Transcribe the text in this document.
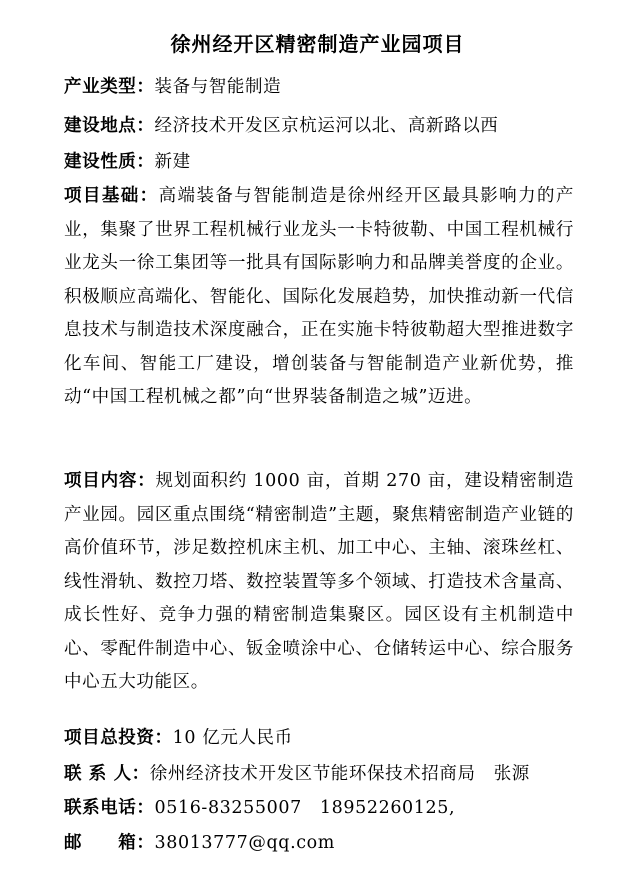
徐州经开区精密制造产业园项目
产业类型：装备与智能制造
建设地点：经济技术开发区京杭运河以北、高新路以西
建设性质：新建
项目基础：高端装备与智能制造是徐州经开区最具影响力的产业，集聚了世界工程机械行业龙头一卡特彼勒、中国工程机械行业龙头一徐工集团等一批具有国际影响力和品牌美誉度的企业。积极顺应高端化、智能化、国际化发展趋势，加快推动新一代信息技术与制造技术深度融合，正在实施卡特彼勒超大型推进数字化车间、智能工厂建设，增创装备与智能制造产业新优势，推动“中国工程机械之都”向“世界装备制造之城”迈进。
项目内容：规划面积约 1000 亩，首期 270 亩，建设精密制造产业园。园区重点围绕“精密制造”主题，聚焦精密制造产业链的高价值环节，涉足数控机床主机、加工中心、主轴、滚珠丝杠、线性滑轨、数控刀塔、数控装置等多个领域、打造技术含量高、成长性好、竞争力强的精密制造集聚区。园区设有主机制造中心、零配件制造中心、钣金喷涂中心、仓储转运中心、综合服务中心五大功能区。
项目总投资：10 亿元人民币
联 系 人：徐州经济技术开发区节能环保技术招商局　张源
联系电话：0516-83255007　18952260125,
邮　　箱：38013777@qq.com
